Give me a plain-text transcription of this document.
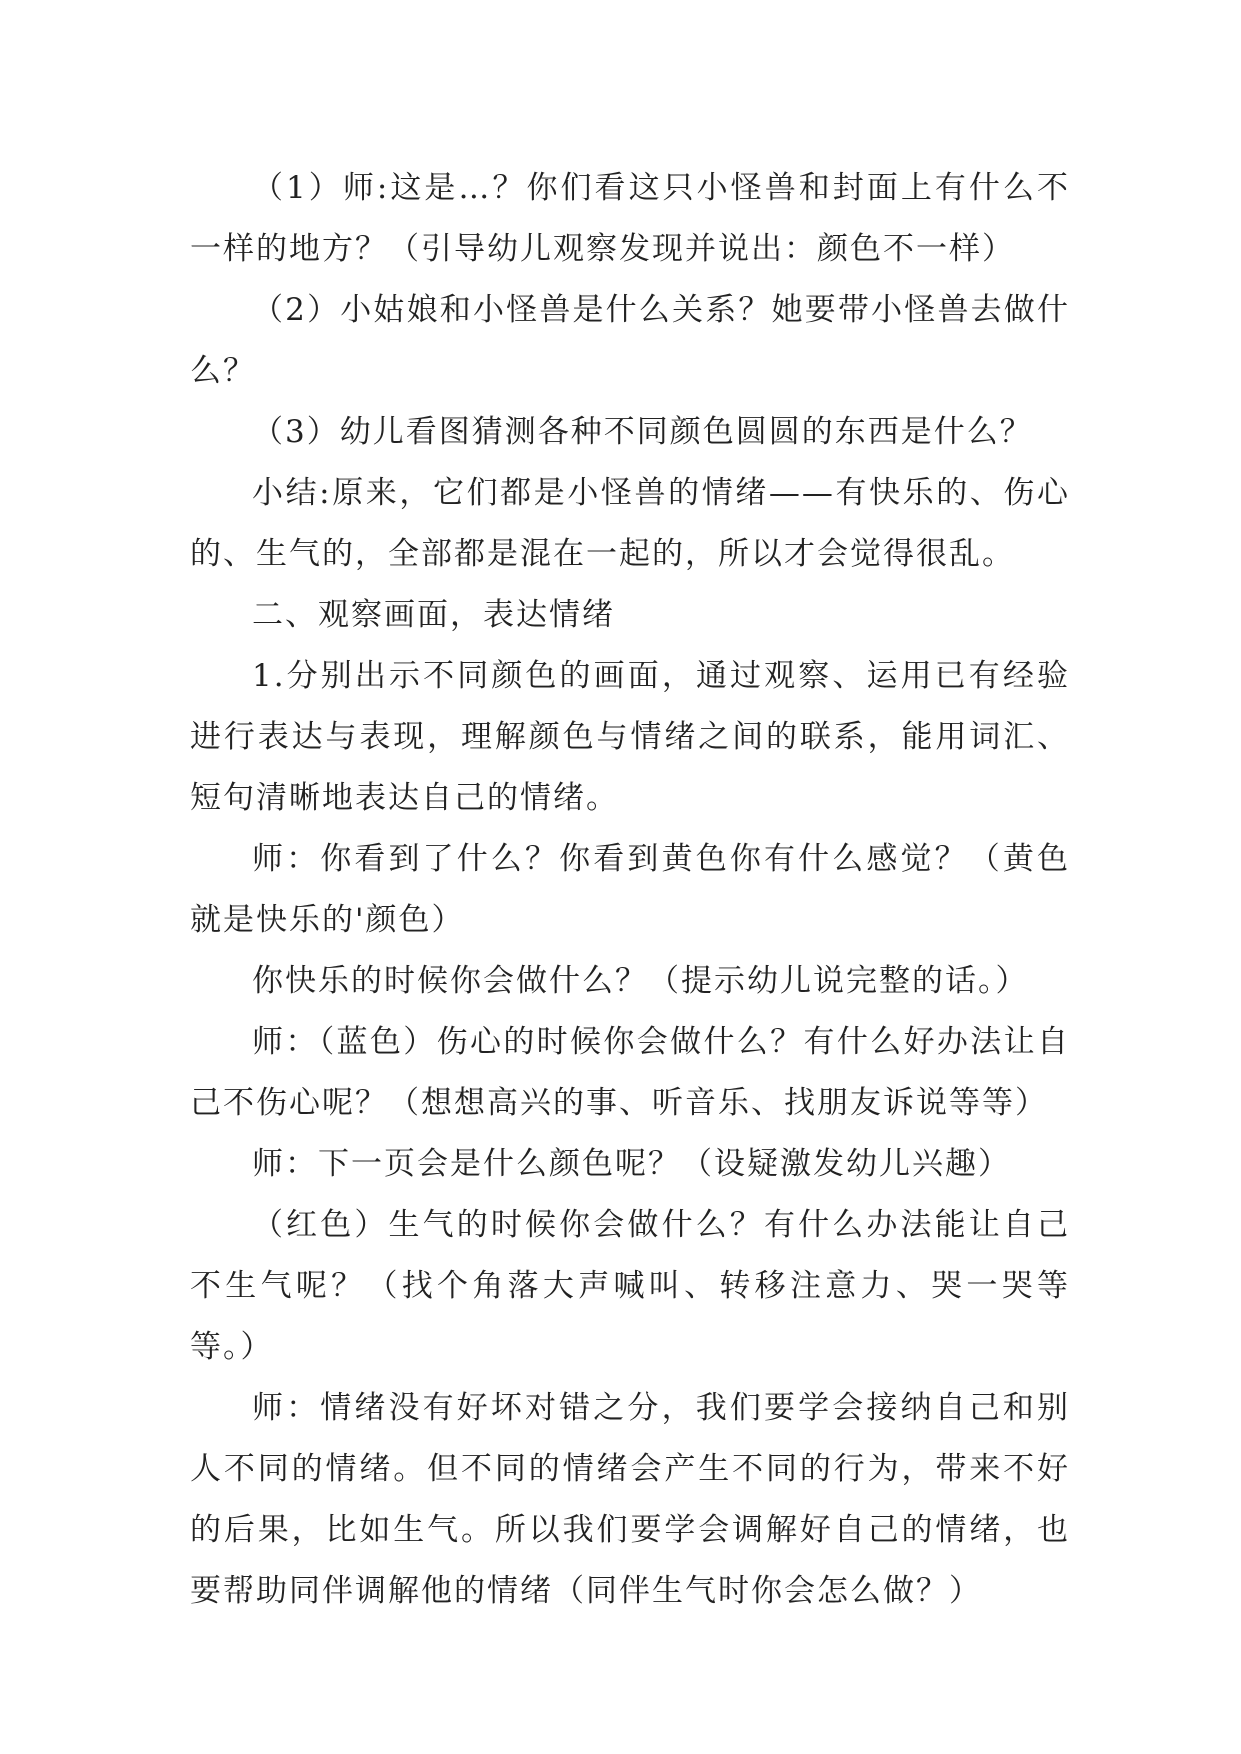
（1）师:这是…？你们看这只小怪兽和封面上有什么不一样的地方？（引导幼儿观察发现并说出：颜色不一样）

（2）小姑娘和小怪兽是什么关系？她要带小怪兽去做什么？

（3）幼儿看图猜测各种不同颜色圆圆的东西是什么？

小结:原来，它们都是小怪兽的情绪——有快乐的、伤心的、生气的，全部都是混在一起的，所以才会觉得很乱。

二、观察画面，表达情绪

1.分别出示不同颜色的画面，通过观察、运用已有经验进行表达与表现，理解颜色与情绪之间的联系，能用词汇、短句清晰地表达自己的情绪。

师：你看到了什么？你看到黄色你有什么感觉？（黄色就是快乐的'颜色）

你快乐的时候你会做什么？（提示幼儿说完整的话。）

师：（蓝色）伤心的时候你会做什么？有什么好办法让自己不伤心呢？（想想高兴的事、听音乐、找朋友诉说等等）

师：下一页会是什么颜色呢？（设疑激发幼儿兴趣）

（红色）生气的时候你会做什么？有什么办法能让自己不生气呢？（找个角落大声喊叫、转移注意力、哭一哭等等。）

师：情绪没有好坏对错之分，我们要学会接纳自己和别人不同的情绪。但不同的情绪会产生不同的行为，带来不好的后果，比如生气。所以我们要学会调解好自己的情绪，也要帮助同伴调解他的情绪（同伴生气时你会怎么做？）
